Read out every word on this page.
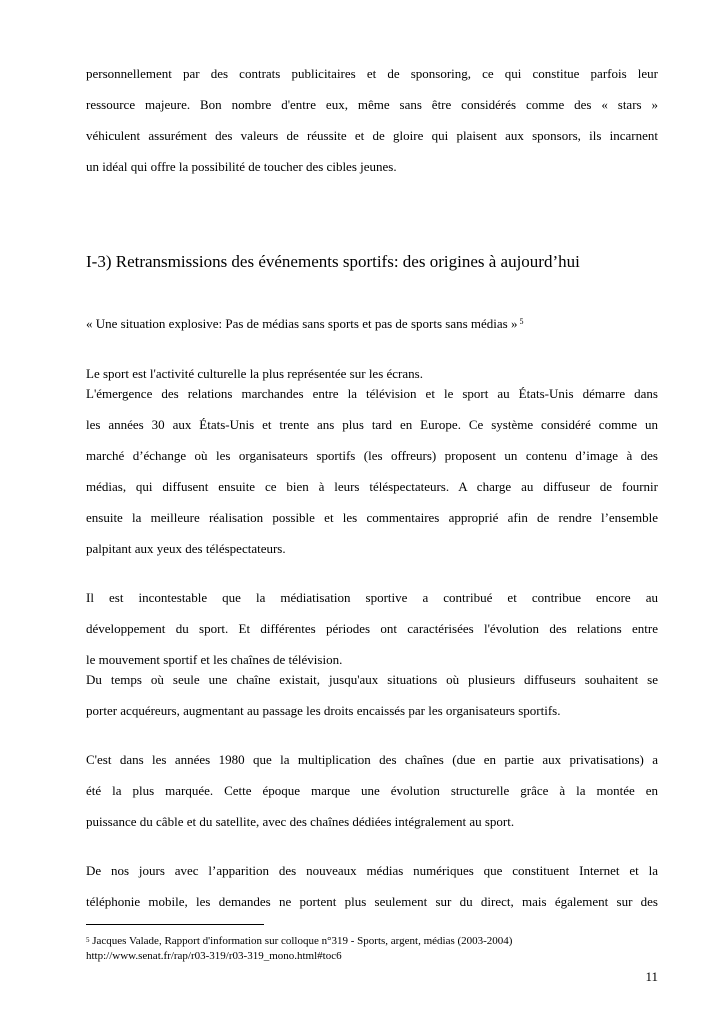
personnellement par des contrats publicitaires et de sponsoring, ce qui constitue parfois leur
ressource majeure. Bon nombre d'entre eux, même sans être considérés comme des « stars »
véhiculent assurément des valeurs de réussite et de gloire qui plaisent aux sponsors, ils incarnent
un idéal qui offre la possibilité de toucher des cibles jeunes.
I-3) Retransmissions des événements sportifs: des origines à aujourd’hui
« Une situation explosive: Pas de médias sans sports et pas de sports sans médias » $^5$
Le sport est l'activité culturelle la plus représentée sur les écrans.
L'émergence des relations marchandes entre la télévision et le sport au États-Unis démarre dans
les années 30 aux États-Unis et trente ans plus tard en Europe. Ce système considéré comme un
marché d’échange où les organisateurs sportifs (les offreurs) proposent un contenu d’image à des
médias, qui diffusent ensuite ce bien à leurs téléspectateurs. A charge au diffuseur de fournir
ensuite la meilleure réalisation possible et les commentaires approprié afin de rendre l’ensemble
palpitant aux yeux des téléspectateurs.
Il est incontestable que la médiatisation sportive a contribué et contribue encore au
développement du sport. Et différentes périodes ont caractérisées l'évolution des relations entre
le mouvement sportif et les chaînes de télévision.
Du temps où seule une chaîne existait, jusqu'aux situations où plusieurs diffuseurs souhaitent se
porter acquéreurs, augmentant au passage les droits encaissés par les organisateurs sportifs.
C'est dans les années 1980 que la multiplication des chaînes (due en partie aux privatisations) a
été la plus marquée. Cette époque marque une évolution structurelle grâce à la montée en
puissance du câble et du satellite, avec des chaînes dédiées intégralement au sport.
De nos jours avec l’apparition des nouveaux médias numériques que constituent Internet et la
téléphonie mobile, les demandes ne portent plus seulement sur du direct, mais également sur des
$^5$ Jacques Valade, Rapport d'information sur colloque n°319 - Sports, argent, médias (2003-2004)
http://www.senat.fr/rap/r03-319/r03-319_mono.html#toc6
11
